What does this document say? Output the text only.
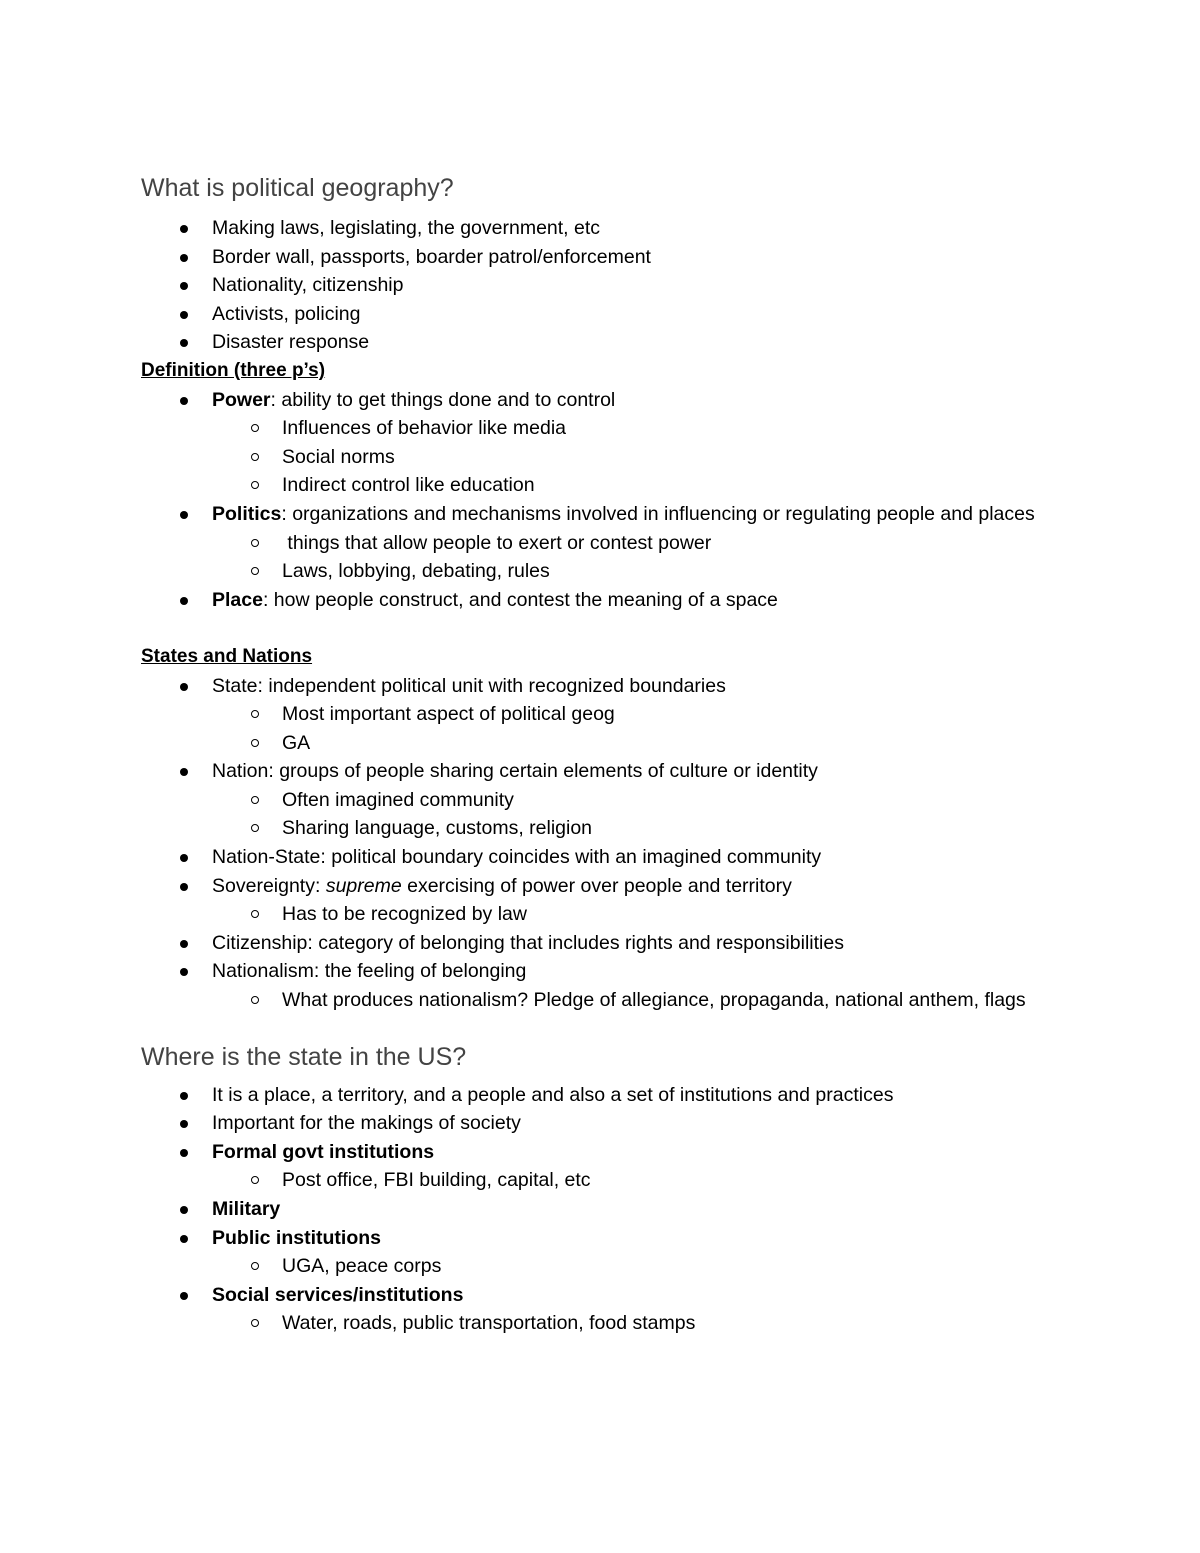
What is political geography?
Making laws, legislating, the government, etc
Border wall, passports, boarder patrol/enforcement
Nationality, citizenship
Activists, policing
Disaster response

Definition (three p’s)

Power: ability to get things done and to control
Influences of behavior like media
Social norms
Indirect control like education
Politics: organizations and mechanisms involved in influencing or regulating people and places
things that allow people to exert or contest power
Laws, lobbying, debating, rules
Place: how people construct, and contest the meaning of a space

States and Nations

State: independent political unit with recognized boundaries
Most important aspect of political geog
GA
Nation: groups of people sharing certain elements of culture or identity
Often imagined community
Sharing language, customs, religion
Nation-State: political boundary coincides with an imagined community
Sovereignty: supreme exercising of power over people and territory
Has to be recognized by law
Citizenship: category of belonging that includes rights and responsibilities
Nationalism: the feeling of belonging
What produces nationalism? Pledge of allegiance, propaganda, national anthem, flags
Where is the state in the US?
It is a place, a territory, and a people and also a set of institutions and practices
Important for the makings of society
Formal govt institutions
Post office, FBI building, capital, etc
Military
Public institutions
UGA, peace corps
Social services/institutions
Water, roads, public transportation, food stamps
